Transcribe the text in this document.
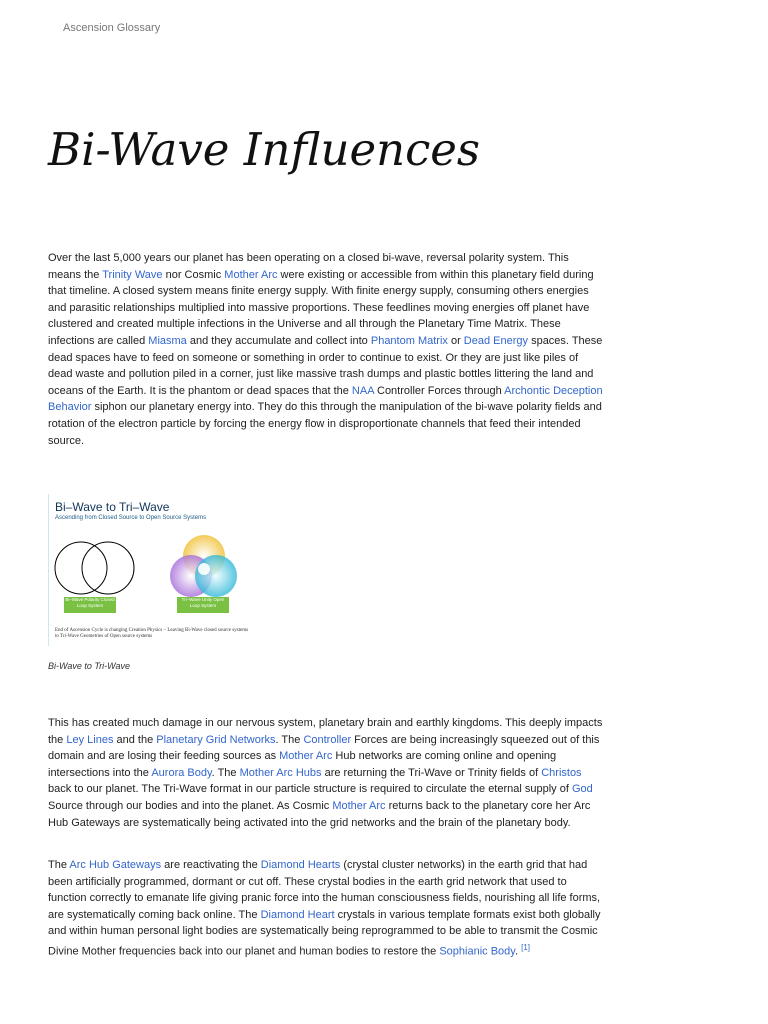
Ascension Glossary
Bi-Wave Influences

Over the last 5,000 years our planet has been operating on a closed bi-wave, reversal polarity system. This means the Trinity Wave nor Cosmic Mother Arc were existing or accessible from within this planetary field during that timeline. A closed system means finite energy supply. With finite energy supply, consuming others energies and parasitic relationships multiplied into massive proportions. These feedlines moving energies off planet have clustered and created multiple infections in the Universe and all through the Planetary Time Matrix. These infections are called Miasma and they accumulate and collect into Phantom Matrix or Dead Energy spaces. These dead spaces have to feed on someone or something in order to continue to exist. Or they are just like piles of dead waste and pollution piled in a corner, just like massive trash dumps and plastic bottles littering the land and oceans of the Earth. It is the phantom or dead spaces that the NAA Controller Forces through Archontic Deception Behavior siphon our planetary energy into. They do this through the manipulation of the bi-wave polarity fields and rotation of the electron particle by forcing the energy flow in disproportionate channels that feed their intended source.

Bi–Wave to Tri–Wave
Ascending from Closed Source to Open Source Systems
Bi–Wave Polarity Closed Loop System
Tri–Wave Unity Open Loop System
End of Ascension Cycle is changing Creation Physics – Leaving Bi-Wave closed source systems to Tri-Wave Geometries of Open source systems
Bi-Wave to Tri-Wave

This has created much damage in our nervous system, planetary brain and earthly kingdoms. This deeply impacts the Ley Lines and the Planetary Grid Networks. The Controller Forces are being increasingly squeezed out of this domain and are losing their feeding sources as Mother Arc Hub networks are coming online and opening intersections into the Aurora Body. The Mother Arc Hubs are returning the Tri-Wave or Trinity fields of Christos back to our planet. The Tri-Wave format in our particle structure is required to circulate the eternal supply of God Source through our bodies and into the planet. As Cosmic Mother Arc returns back to the planetary core her Arc Hub Gateways are systematically being activated into the grid networks and the brain of the planetary body.

The Arc Hub Gateways are reactivating the Diamond Hearts (crystal cluster networks) in the earth grid that had been artificially programmed, dormant or cut off. These crystal bodies in the earth grid network that used to function correctly to emanate life giving pranic force into the human consciousness fields, nourishing all life forms, are systematically coming back online. The Diamond Heart crystals in various template formats exist both globally and within human personal light bodies are systematically being reprogrammed to be able to transmit the Cosmic Divine Mother frequencies back into our planet and human bodies to restore the Sophianic Body. [1]
